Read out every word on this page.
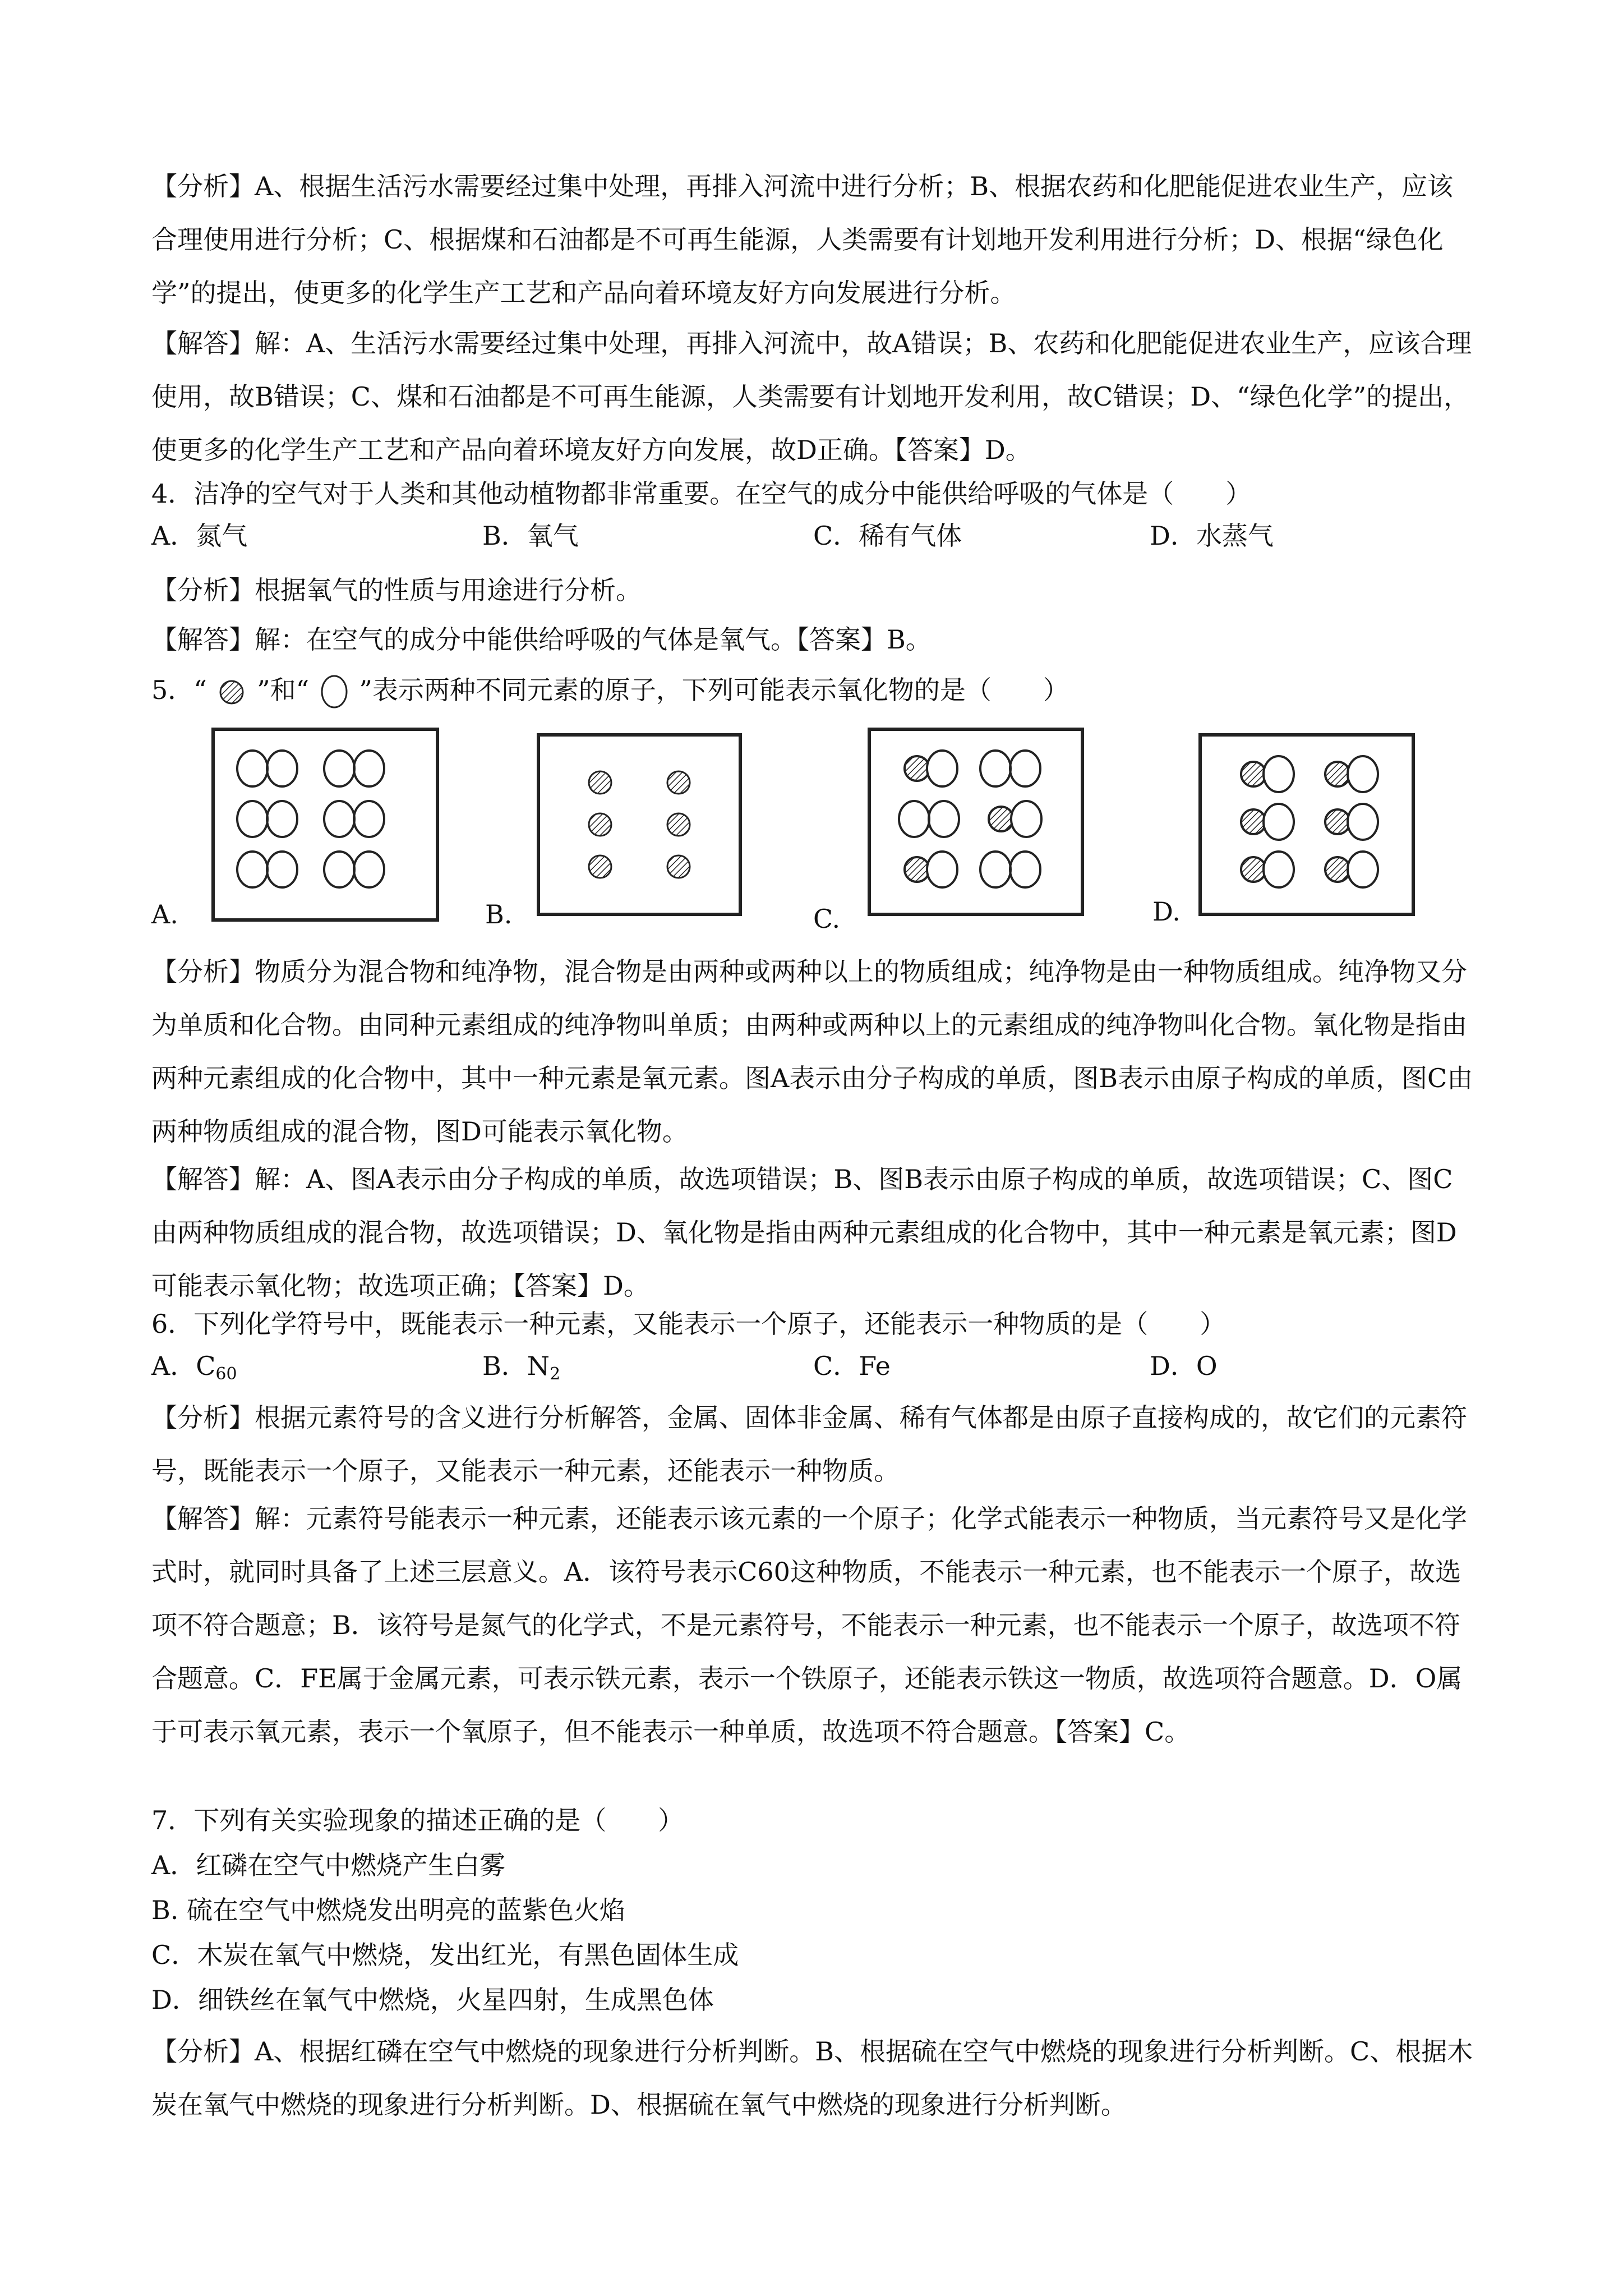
【分析】A、根据生活污水需要经过集中处理，再排入河流中进行分析；B、根据农药和化肥能促进农业生产，应该合理使用进行分析；C、根据煤和石油都是不可再生能源，人类需要有计划地开发利用进行分析；D、根据“绿色化学”的提出，使更多的化学生产工艺和产品向着环境友好方向发展进行分析。
【解答】解：A、生活污水需要经过集中处理，再排入河流中，故A错误；B、农药和化肥能促进农业生产，应该合理使用，故B错误；C、煤和石油都是不可再生能源，人类需要有计划地开发利用，故C错误；D、“绿色化学”的提出，使更多的化学生产工艺和产品向着环境友好方向发展，故D正确。【答案】D。
4．洁净的空气对于人类和其他动植物都非常重要。在空气的成分中能供给呼吸的气体是（　　）
A．氮气	B．氧气	C．稀有气体	D．水蒸气
【分析】根据氧气的性质与用途进行分析。
【解答】解：在空气的成分中能供给呼吸的气体是氧气。【答案】B。
5．“ ”和“ ”表示两种不同元素的原子，下列可能表示氧化物的是（　　）
A.	B.	C.	D.
【分析】物质分为混合物和纯净物，混合物是由两种或两种以上的物质组成；纯净物是由一种物质组成。纯净物又分为单质和化合物。由同种元素组成的纯净物叫单质；由两种或两种以上的元素组成的纯净物叫化合物。氧化物是指由两种元素组成的化合物中，其中一种元素是氧元素。图A表示由分子构成的单质，图B表示由原子构成的单质，图C由两种物质组成的混合物，图D可能表示氧化物。
【解答】解：A、图A表示由分子构成的单质，故选项错误；B、图B表示由原子构成的单质，故选项错误；C、图C由两种物质组成的混合物，故选项错误；D、氧化物是指由两种元素组成的化合物中，其中一种元素是氧元素；图D可能表示氧化物；故选项正确；【答案】D。
6．下列化学符号中，既能表示一种元素，又能表示一个原子，还能表示一种物质的是（　　）
A．$C_{60}$	B．$N_2$	C．Fe	D．O
【分析】根据元素符号的含义进行分析解答，金属、固体非金属、稀有气体都是由原子直接构成的，故它们的元素符号，既能表示一个原子，又能表示一种元素，还能表示一种物质。
【解答】解：元素符号能表示一种元素，还能表示该元素的一个原子；化学式能表示一种物质，当元素符号又是化学式时，就同时具备了上述三层意义。A．该符号表示C60这种物质，不能表示一种元素，也不能表示一个原子，故选项不符合题意；B．该符号是氮气的化学式，不是元素符号，不能表示一种元素，也不能表示一个原子，故选项不符合题意。C．FE属于金属元素，可表示铁元素，表示一个铁原子，还能表示铁这一物质，故选项符合题意。D．O属于可表示氧元素，表示一个氧原子，但不能表示一种单质，故选项不符合题意。【答案】C。
7．下列有关实验现象的描述正确的是（　　）
A．红磷在空气中燃烧产生白雾
B. 硫在空气中燃烧发出明亮的蓝紫色火焰
C．木炭在氧气中燃烧，发出红光，有黑色固体生成
D．细铁丝在氧气中燃烧，火星四射，生成黑色体
【分析】A、根据红磷在空气中燃烧的现象进行分析判断。B、根据硫在空气中燃烧的现象进行分析判断。C、根据木炭在氧气中燃烧的现象进行分析判断。D、根据硫在氧气中燃烧的现象进行分析判断。
